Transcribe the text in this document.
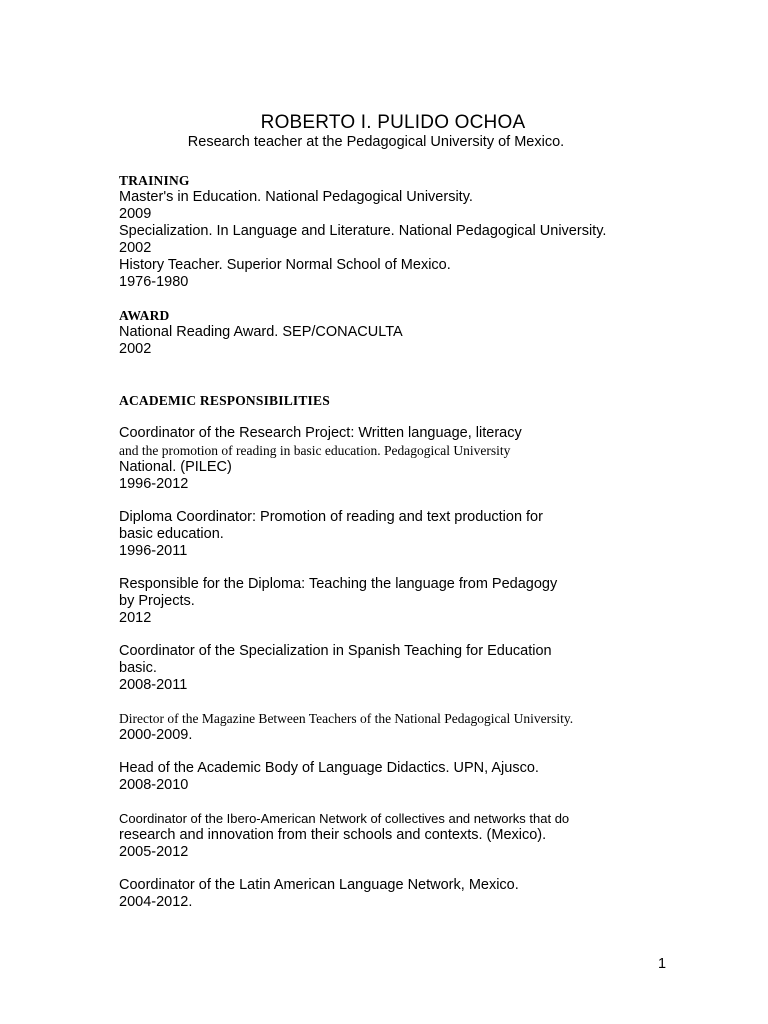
ROBERTO I. PULIDO OCHOA
Research teacher at the Pedagogical University of Mexico.
TRAINING
Master's in Education. National Pedagogical University.
2009
Specialization. In Language and Literature. National Pedagogical University.
2002
History Teacher. Superior Normal School of Mexico.
1976-1980
AWARD
National Reading Award. SEP/CONACULTA
2002
ACADEMIC RESPONSIBILITIES
Coordinator of the Research Project: Written language, literacy
and the promotion of reading in basic education. Pedagogical University
National. (PILEC)
1996-2012
Diploma Coordinator: Promotion of reading and text production for
basic education.
1996-2011
Responsible for the Diploma: Teaching the language from Pedagogy
by Projects.
2012
Coordinator of the Specialization in Spanish Teaching for Education
basic.
2008-2011
Director of the Magazine Between Teachers of the National Pedagogical University.
2000-2009.
Head of the Academic Body of Language Didactics. UPN, Ajusco.
2008-2010
Coordinator of the Ibero-American Network of collectives and networks that do
research and innovation from their schools and contexts. (Mexico).
2005-2012
Coordinator of the Latin American Language Network, Mexico.
2004-2012.
1
